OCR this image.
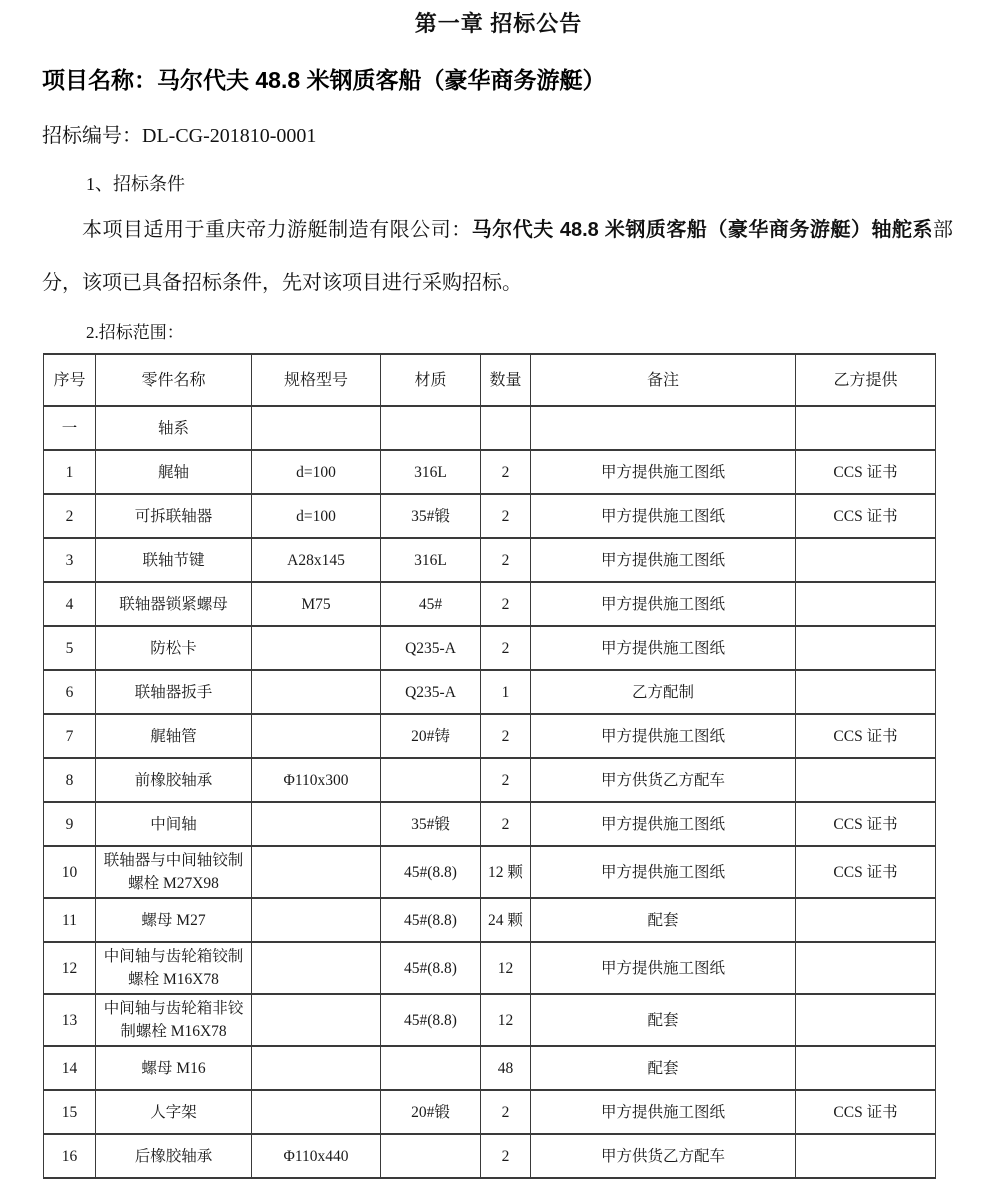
第一章 招标公告
项目名称：马尔代夫 48.8 米钢质客船（豪华商务游艇）
招标编号：DL-CG-201810-0001
1、招标条件

本项目适用于重庆帝力游艇制造有限公司：马尔代夫 48.8 米钢质客船（豪华商务游艇）轴舵系部分，该项已具备招标条件，先对该项目进行采购招标。

2.招标范围：
序号	零件名称	规格型号	材质	数量	备注	乙方提供
一	轴系					
1	艉轴	d=100	316L	2	甲方提供施工图纸	CCS 证书
2	可拆联轴器	d=100	35#锻	2	甲方提供施工图纸	CCS 证书
3	联轴节键	A28x145	316L	2	甲方提供施工图纸	
4	联轴器锁紧螺母	M75	45#	2	甲方提供施工图纸	
5	防松卡		Q235-A	2	甲方提供施工图纸	
6	联轴器扳手		Q235-A	1	乙方配制	
7	艉轴管		20#铸	2	甲方提供施工图纸	CCS 证书
8	前橡胶轴承	Φ110x300		2	甲方供货乙方配车	
9	中间轴		35#锻	2	甲方提供施工图纸	CCS 证书
10	联轴器与中间轴铰制螺栓 M27X98		45#(8.8)	12 颗	甲方提供施工图纸	CCS 证书
11	螺母 M27		45#(8.8)	24 颗	配套	
12	中间轴与齿轮箱铰制螺栓 M16X78		45#(8.8)	12	甲方提供施工图纸	
13	中间轴与齿轮箱非铰制螺栓 M16X78		45#(8.8)	12	配套	
14	螺母 M16			48	配套	
15	人字架		20#锻	2	甲方提供施工图纸	CCS 证书
16	后橡胶轴承	Φ110x440		2	甲方供货乙方配车	
